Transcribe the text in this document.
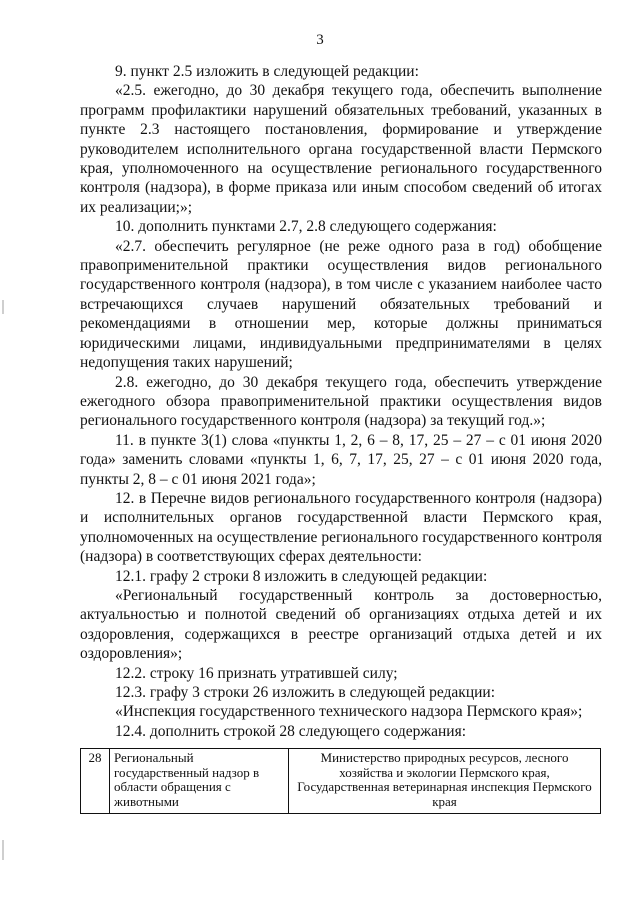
3

9. пункт 2.5 изложить в следующей редакции:

«2.5. ежегодно, до 30 декабря текущего года, обеспечить выполнение программ профилактики нарушений обязательных требований, указанных в пункте 2.3 настоящего постановления, формирование и утверждение руководителем исполнительного органа государственной власти Пермского края, уполномоченного на осуществление регионального государственного контроля (надзора), в форме приказа или иным способом сведений об итогах их реализации;»;

10. дополнить пунктами 2.7, 2.8 следующего содержания:

«2.7. обеспечить регулярное (не реже одного раза в год) обобщение правоприменительной практики осуществления видов регионального государственного контроля (надзора), в том числе с указанием наиболее часто встречающихся случаев нарушений обязательных требований и рекомендациями в отношении мер, которые должны приниматься юридическими лицами, индивидуальными предпринимателями в целях недопущения таких нарушений;

2.8. ежегодно, до 30 декабря текущего года, обеспечить утверждение ежегодного обзора правоприменительной практики осуществления видов регионального государственного контроля (надзора) за текущий год.»;

11. в пункте 3(1) слова «пункты 1, 2, 6 – 8, 17, 25 – 27 – с 01 июня 2020 года» заменить словами «пункты 1, 6, 7, 17, 25, 27 – с 01 июня 2020 года, пункты 2, 8 – с 01 июня 2021 года»;

12. в Перечне видов регионального государственного контроля (надзора) и исполнительных органов государственной власти Пермского края, уполномоченных на осуществление регионального государственного контроля (надзора) в соответствующих сферах деятельности:

12.1. графу 2 строки 8 изложить в следующей редакции:

«Региональный государственный контроль за достоверностью, актуальностью и полнотой сведений об организациях отдыха детей и их оздоровления, содержащихся в реестре организаций отдыха детей и их оздоровления»;

12.2. строку 16 признать утратившей силу;

12.3. графу 3 строки 26 изложить в следующей редакции:

«Инспекция государственного технического надзора Пермского края»;

12.4. дополнить строкой 28 следующего содержания:

28	Региональный государственный надзор в области обращения с животными	Министерство природных ресурсов, лесного хозяйства и экологии Пермского края, Государственная ветеринарная инспекция Пермского края
